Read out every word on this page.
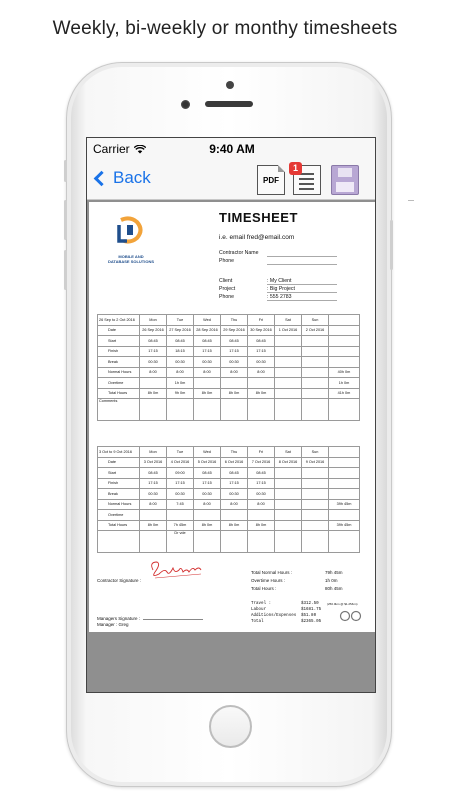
Weekly, bi-weekly or monthy timesheets
Carrier	9:40 AM
Back	PDF
1
MOBILE AND
DATABASE SOLUTIONS
TIMESHEET
i.e. email fred@email.com
Contractor Name
Phone
Client	: My Client
Project	: Big Project
Phone	: 555 2783
26 Sep to 2 Oct 2016	Mon	Tue	Wed	Thu	Fri	Sat	Sun	
Date	26 Sep 2016	27 Sep 2016	28 Sep 2016	29 Sep 2016	30 Sep 2016	1 Oct 2016	2 Oct 2016	
Start	08:45	08:45	08:45	08:45	08:45			
Finish	17:15	18:15	17:15	17:15	17:15			
Break	00:30	00:30	00:30	00:30	00:30			
Normal Hours	8:00	8:00	8:00	8:00	8:00			40h 0m
Overtime		1h 0m						1h 0m
Total Hours	8h 0m	9h 0m	8h 0m	8h 0m	8h 0m			41h 0m
Comments								
3 Oct to 9 Oct 2016	Mon	Tue	Wed	Thu	Fri	Sat	Sun	
Date	3 Oct 2016	4 Oct 2016	5 Oct 2016	6 Oct 2016	7 Oct 2016	8 Oct 2016	9 Oct 2016	
Start	08:45	09:00	08:45	08:45	08:45			
Finish	17:15	17:15	17:15	17:15	17:15			
Break	00:30	00:30	00:30	00:30	00:30			
Normal Hours	8:00	7:45	8:00	8:00	8:00			39h 45m
Overtime								
Total Hours	8h 0m	7h 45m	8h 0m	8h 0m	8h 0m			39h 45m
		Dr vde						
Contractor Signature :
Total Normal Hours :	79h 45m
Overtime Hours :	1h 0m
Total Hours :	80h 45m
Travel :	$312.50
Labour	$1681.75
Additions/Expenses $51.80
Total	$2365.05
(250.0km @ $1.25/km)
Managers Signature :
Manager : Greg
